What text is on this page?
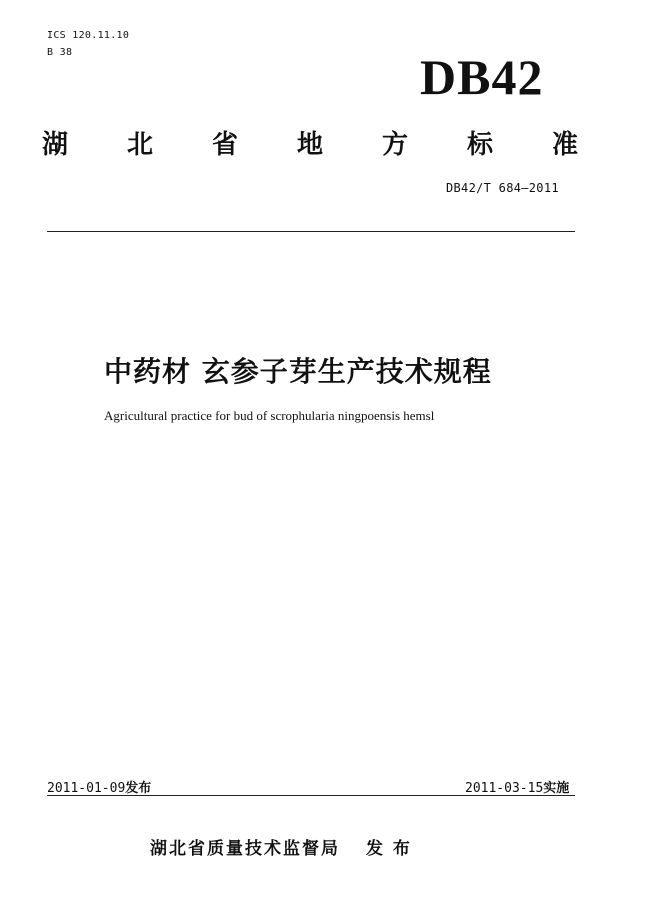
ICS 120.11.10
B 38	DB42
湖 北 省 地 方 标 准
DB42/T 684—2011
中药材 玄参子芽生产技术规程
Agricultural practice for bud of scrophularia ningpoensis hemsl
2011-01-09发布	2011-03-15实施
湖北省质量技术监督局 发 布
